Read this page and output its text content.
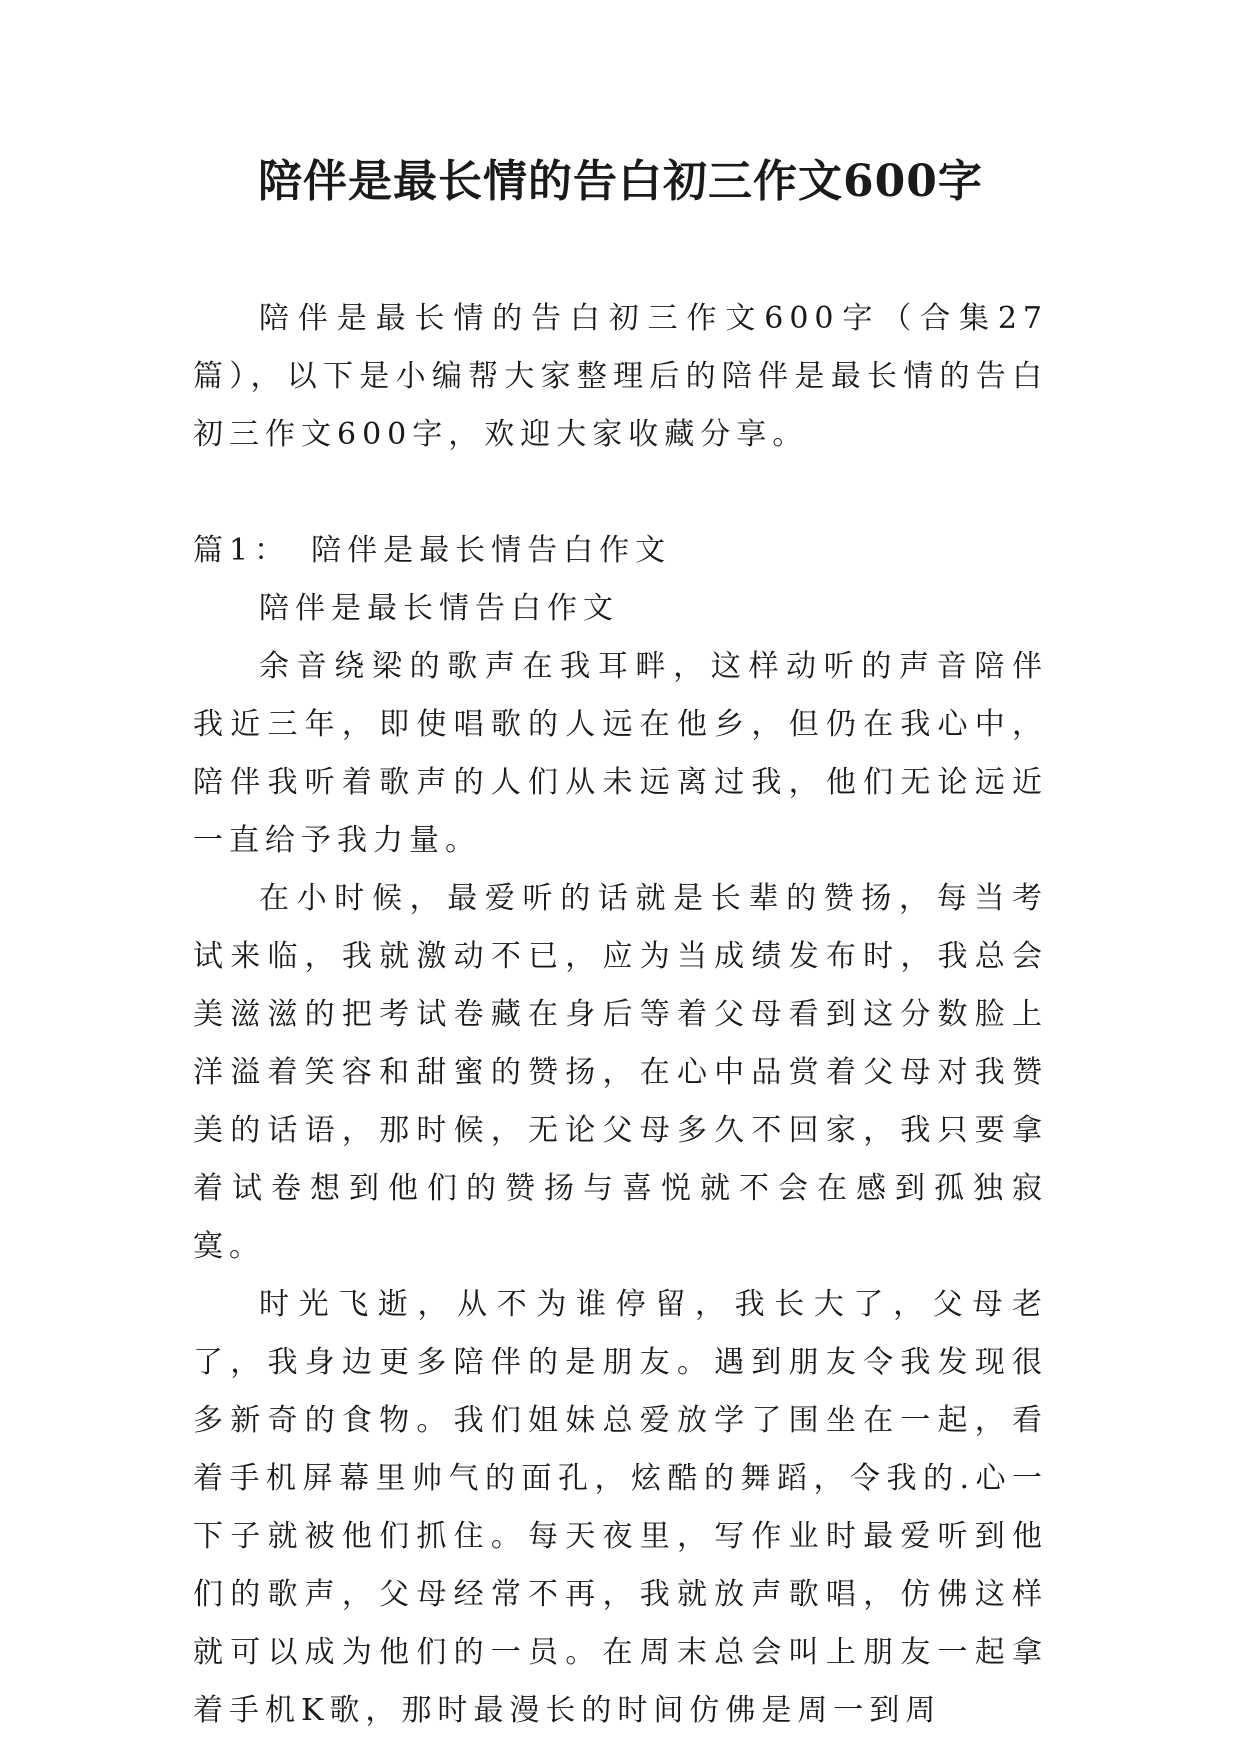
陪伴是最长情的告白初三作文600字

陪伴是最长情的告白初三作文600字（合集27篇），以下是小编帮大家整理后的陪伴是最长情的告白初三作文600字，欢迎大家收藏分享。

篇1：　陪伴是最长情告白作文

陪伴是最长情告白作文

余音绕梁的歌声在我耳畔，这样动听的声音陪伴我近三年，即使唱歌的人远在他乡，但仍在我心中，陪伴我听着歌声的人们从未远离过我，他们无论远近一直给予我力量。

在小时候，最爱听的话就是长辈的赞扬，每当考试来临，我就激动不已，应为当成绩发布时，我总会美滋滋的把考试卷藏在身后等着父母看到这分数脸上洋溢着笑容和甜蜜的赞扬，在心中品赏着父母对我赞美的话语，那时候，无论父母多久不回家，我只要拿着试卷想到他们的赞扬与喜悦就不会在感到孤独寂寞。

时光飞逝，从不为谁停留，我长大了，父母老了，我身边更多陪伴的是朋友。遇到朋友令我发现很多新奇的食物。我们姐妹总爱放学了围坐在一起，看着手机屏幕里帅气的面孔，炫酷的舞蹈，令我的.心一下子就被他们抓住。每天夜里，写作业时最爱听到他们的歌声，父母经常不再，我就放声歌唱，仿佛这样就可以成为他们的一员。在周末总会叫上朋友一起拿着手机K歌，那时最漫长的时间仿佛是周一到周
